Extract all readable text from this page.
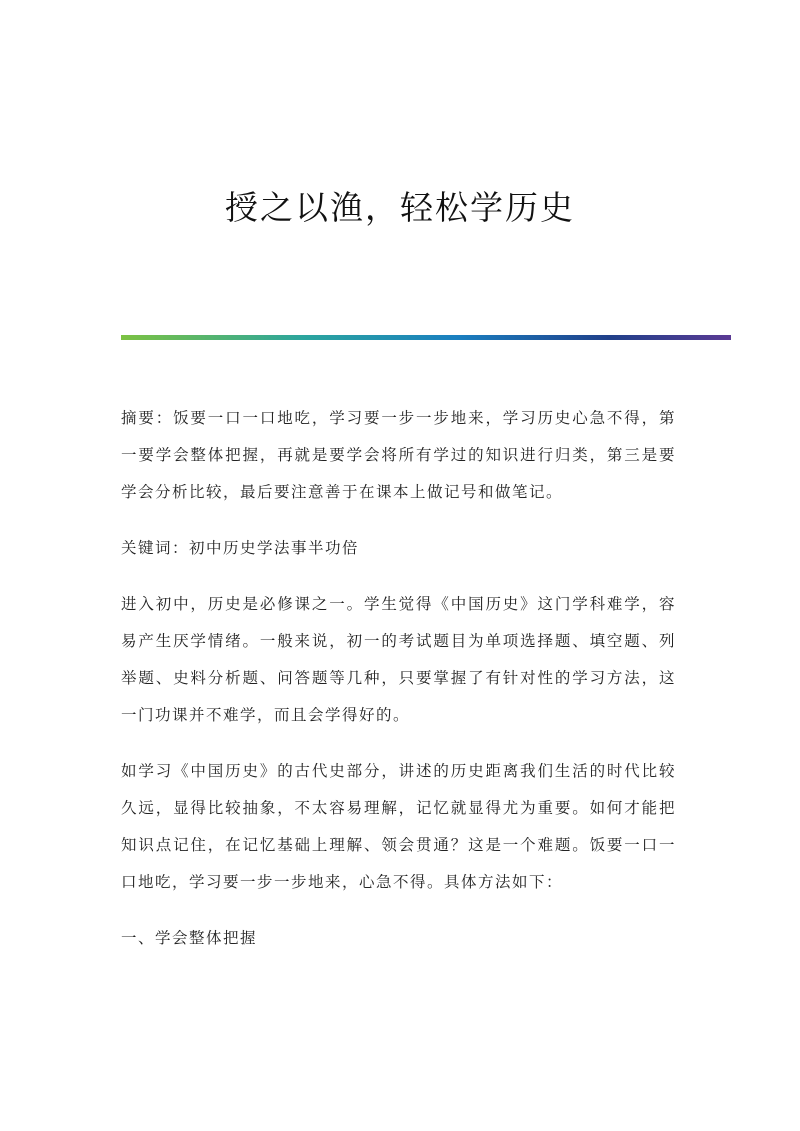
授之以渔，轻松学历史

摘要：饭要一口一口地吃，学习要一步一步地来，学习历史心急不得，第一要学会整体把握，再就是要学会将所有学过的知识进行归类，第三是要学会分析比较，最后要注意善于在课本上做记号和做笔记。

关键词：初中历史学法事半功倍

进入初中，历史是必修课之一。学生觉得《中国历史》这门学科难学，容易产生厌学情绪。一般来说，初一的考试题目为单项选择题、填空题、列举题、史料分析题、问答题等几种，只要掌握了有针对性的学习方法，这一门功课并不难学，而且会学得好的。

如学习《中国历史》的古代史部分，讲述的历史距离我们生活的时代比较久远，显得比较抽象，不太容易理解，记忆就显得尤为重要。如何才能把知识点记住，在记忆基础上理解、领会贯通？这是一个难题。饭要一口一口地吃，学习要一步一步地来，心急不得。具体方法如下：

一、学会整体把握
